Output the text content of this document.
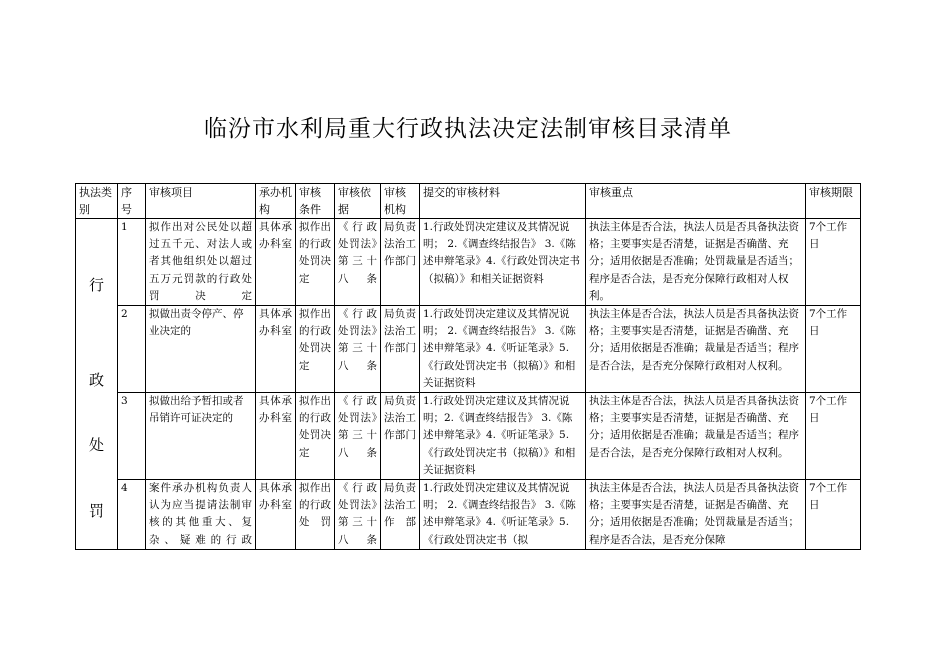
临汾市水利局重大行政执法决定法制审核目录清单
执法类别	序号	审核项目	承办机构	审核条件	审核依据	审核机构	提交的审核材料	审核重点	审核期限

行
政
处
罚	1	拟作出对公民处以超过五千元、对法人或者其他组织处以超过五万元罚款的行政处罚决定	具体承办科室	拟作出的行政处罚决定	《行政处罚法》第三十八条	局负责法治工作部门	1.行政处罚决定建议及其情况说明； 2.《调查终结报告》 3.《陈述申辩笔录》4.《行政处罚决定书（拟稿）》和相关证据资料	执法主体是否合法，执法人员是否具备执法资格；主要事实是否清楚，证据是否确凿、充分；适用依据是否准确；处罚裁量是否适当；程序是否合法，是否充分保障行政相对人权利。	7个工作日
	2	拟做出责令停产、停业决定的	具体承办科室	拟作出的行政处罚决定	《行政处罚法》第三十八条	局负责法治工作部门	1.行政处罚决定建议及其情况说明； 2.《调查终结报告》 3.《陈述申辩笔录》4.《听证笔录》5.《行政处罚决定书（拟稿）》和相关证据资料	执法主体是否合法，执法人员是否具备执法资格；主要事实是否清楚，证据是否确凿、充分；适用依据是否准确；裁量是否适当；程序是否合法，是否充分保障行政相对人权利。	7个工作日
	3	拟做出给予暂扣或者吊销许可证决定的	具体承办科室	拟作出的行政处罚决定	《行政处罚法》第三十八条	局负责法治工作部门	1.行政处罚决定建议及其情况说明；2.《调查终结报告》 3.《陈述申辩笔录》4.《听证笔录》5.《行政处罚决定书（拟稿）》和相关证据资料	执法主体是否合法，执法人员是否具备执法资格；主要事实是否清楚，证据是否确凿、充分；适用依据是否准确；裁量是否适当；程序是否合法，是否充分保障行政相对人权利。	7个工作日
	4	案件承办机构负责人认为应当提请法制审核的其他重大、复杂、疑难的行政	具体承办科室	拟作出的行政处罚	《行政处罚法》第三十八条	局负责法治工作部	1.行政处罚决定建议及其情况说明； 2.《调查终结报告》 3.《陈述申辩笔录》4.《听证笔录》5.《行政处罚决定书（拟	执法主体是否合法，执法人员是否具备执法资格；主要事实是否清楚，证据是否确凿、充分；适用依据是否准确；处罚裁量是否适当；程序是否合法，是否充分保障	7个工作日
